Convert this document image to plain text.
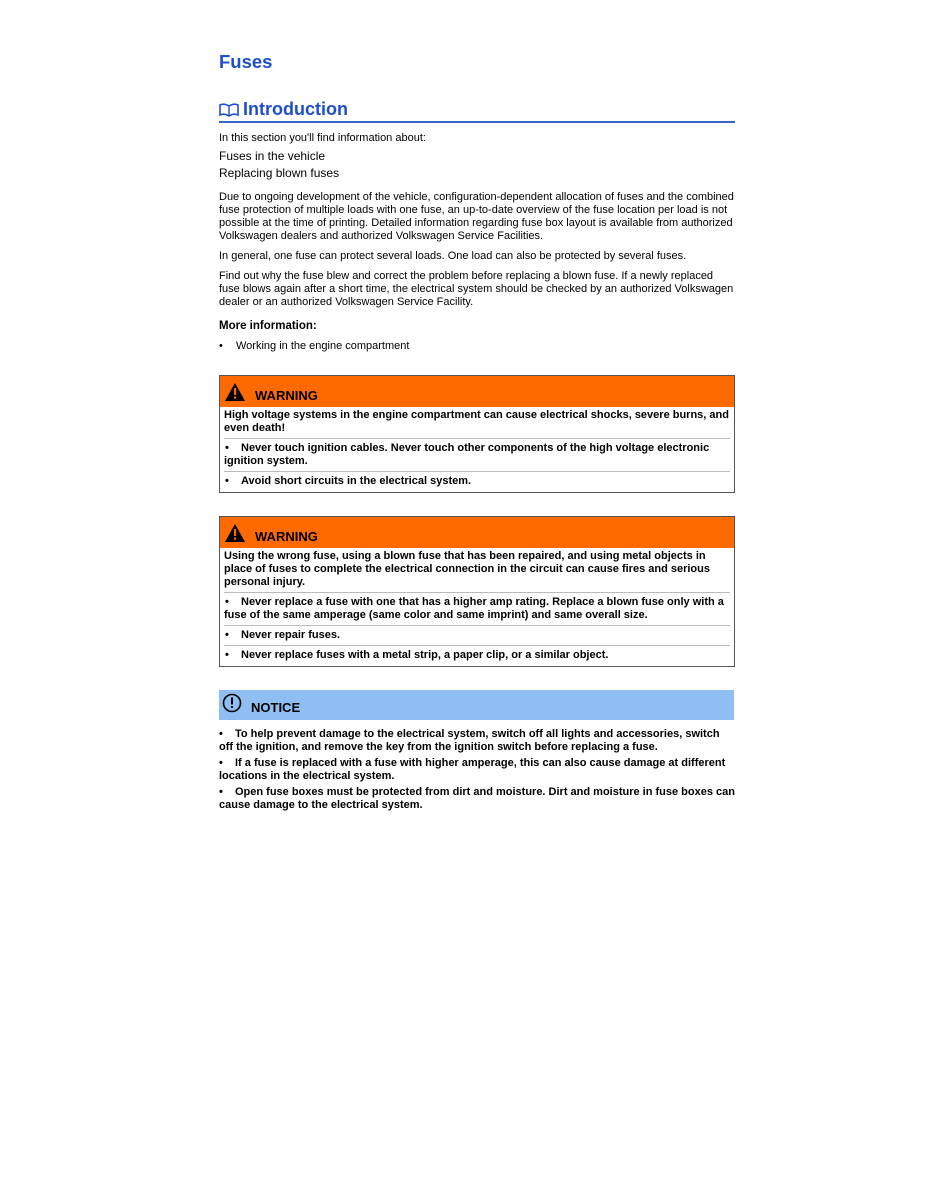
Fuses
Introduction

In this section you'll find information about:

Fuses in the vehicle
Replacing blown fuses

Due to ongoing development of the vehicle, configuration-dependent allocation of fuses and the combined fuse protection of multiple loads with one fuse, an up-to-date overview of the fuse location per load is not possible at the time of printing. Detailed information regarding fuse box layout is available from authorized Volkswagen dealers and authorized Volkswagen Service Facilities.

In general, one fuse can protect several loads. One load can also be protected by several fuses.

Find out why the fuse blew and correct the problem before replacing a blown fuse. If a newly replaced fuse blows again after a short time, the electrical system should be checked by an authorized Volkswagen dealer or an authorized Volkswagen Service Facility.

More information:
•	Working in the engine compartment
WARNING
High voltage systems in the engine compartment can cause electrical shocks, severe burns, and even death!
• Never touch ignition cables. Never touch other components of the high voltage electronic ignition system.
• Avoid short circuits in the electrical system.
WARNING
Using the wrong fuse, using a blown fuse that has been repaired, and using metal objects in place of fuses to complete the electrical connection in the circuit can cause fires and serious personal injury.
• Never replace a fuse with one that has a higher amp rating. Replace a blown fuse only with a fuse of the same amperage (same color and same imprint) and same overall size.
• Never repair fuses.
• Never replace fuses with a metal strip, a paper clip, or a similar object.
NOTICE
• To help prevent damage to the electrical system, switch off all lights and accessories, switch off the ignition, and remove the key from the ignition switch before replacing a fuse.
• If a fuse is replaced with a fuse with higher amperage, this can also cause damage at different locations in the electrical system.
• Open fuse boxes must be protected from dirt and moisture. Dirt and moisture in fuse boxes can cause damage to the electrical system.
